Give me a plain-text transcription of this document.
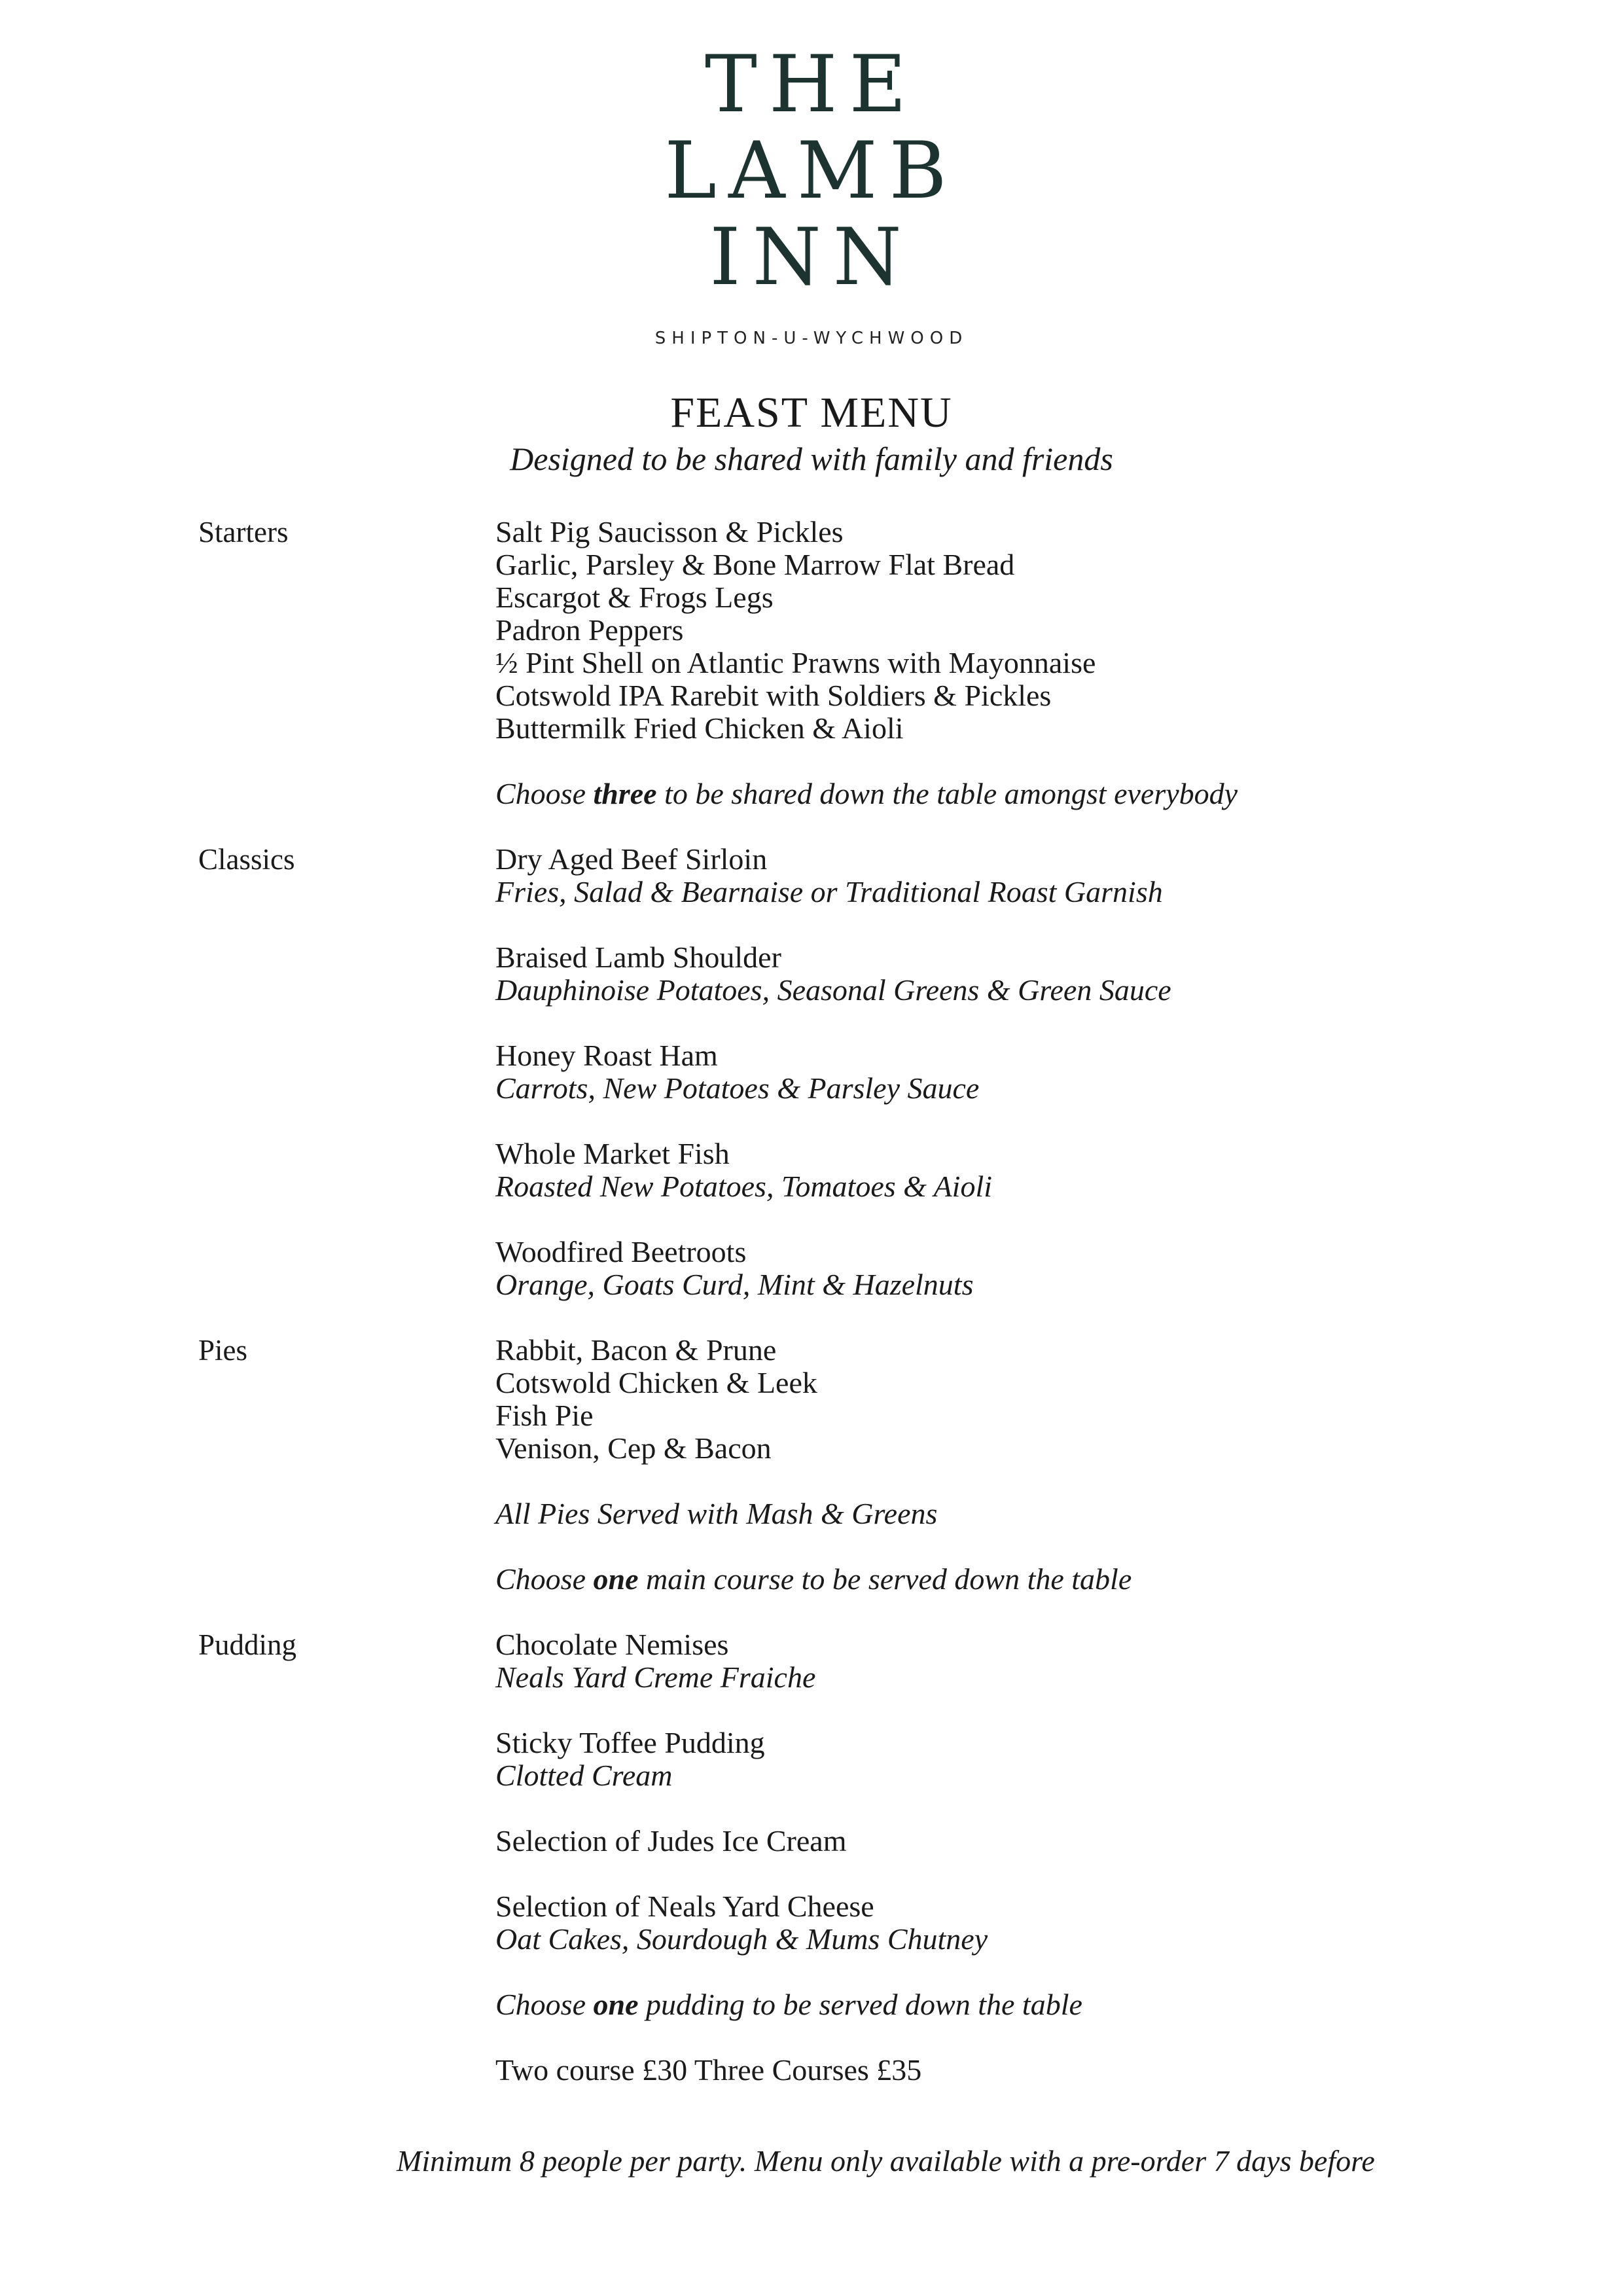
THE
LAMB
INN
SHIPTON-U-WYCHWOOD
FEAST MENU
Designed to be shared with family and friends
Starters	Salt Pig Saucisson & Pickles
Garlic, Parsley & Bone Marrow Flat Bread
Escargot & Frogs Legs
Padron Peppers
½ Pint Shell on Atlantic Prawns with Mayonnaise
Cotswold IPA Rarebit with Soldiers & Pickles
Buttermilk Fried Chicken & Aioli
Choose three to be shared down the table amongst everybody
Classics	Dry Aged Beef Sirloin
Fries, Salad & Bearnaise or Traditional Roast Garnish
Braised Lamb Shoulder
Dauphinoise Potatoes, Seasonal Greens & Green Sauce
Honey Roast Ham
Carrots, New Potatoes & Parsley Sauce
Whole Market Fish
Roasted New Potatoes, Tomatoes & Aioli
Woodfired Beetroots
Orange, Goats Curd, Mint & Hazelnuts
Pies	Rabbit, Bacon & Prune
Cotswold Chicken & Leek
Fish Pie
Venison, Cep & Bacon
All Pies Served with Mash & Greens
Choose one main course to be served down the table
Pudding	Chocolate Nemises
Neals Yard Creme Fraiche
Sticky Toffee Pudding
Clotted Cream
Selection of Judes Ice Cream
Selection of Neals Yard Cheese
Oat Cakes, Sourdough & Mums Chutney
Choose one pudding to be served down the table
Two course £30 Three Courses £35
Minimum 8 people per party. Menu only available with a pre-order 7 days before
